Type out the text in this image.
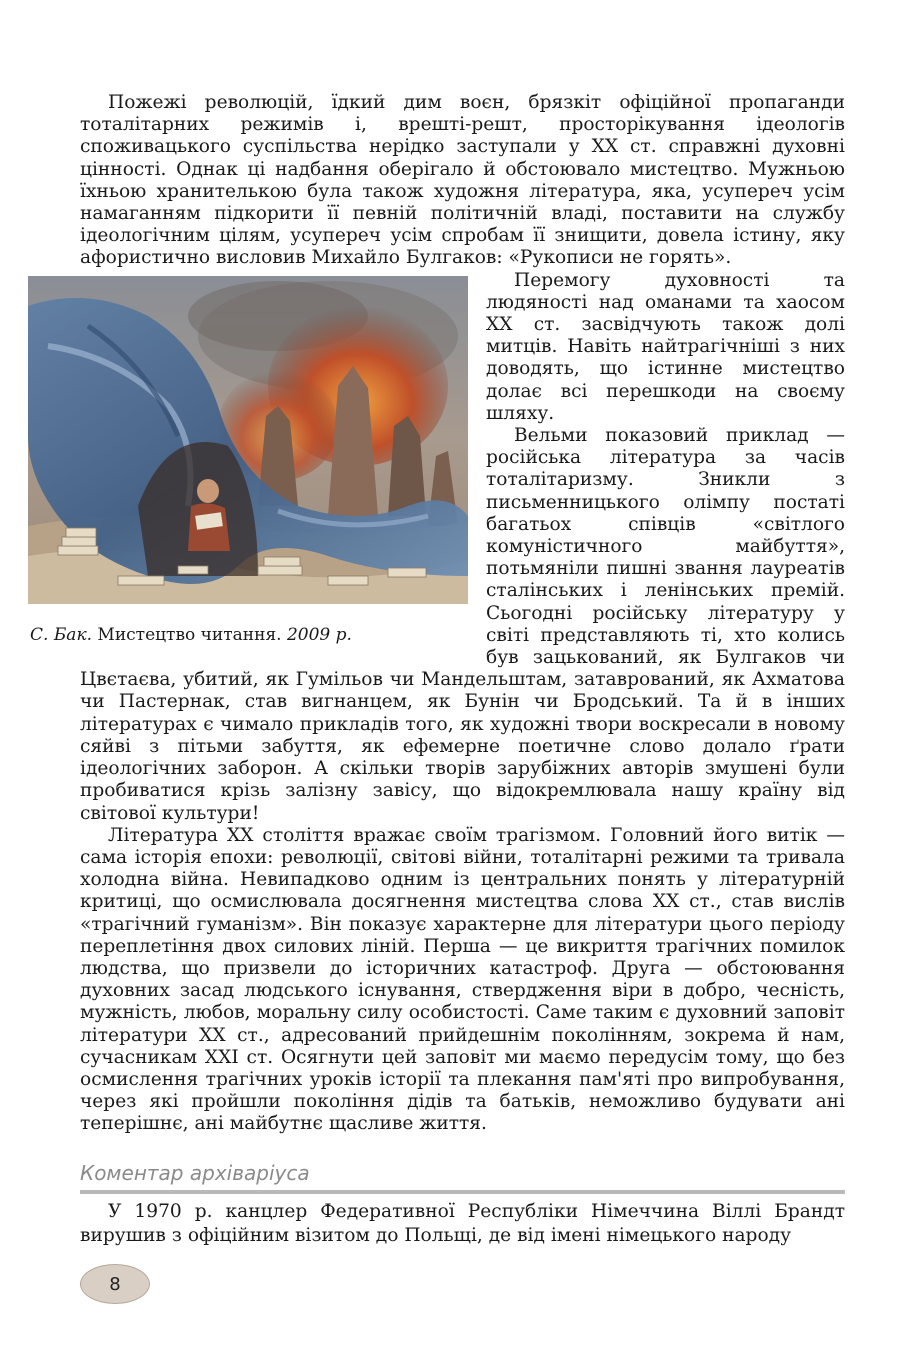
Пожежі революцій, їдкий дим воєн, брязкіт офіційної пропаганди тоталітарних режимів і, врешті-решт, просторікування ідеологів споживацького суспільства нерідко заступали у XX ст. справжні духовні цінності. Однак ці надбання оберігало й обстоювало мистецтво. Мужньою їхньою хранителькою була також художня література, яка, усупереч усім намаганням підкорити її певній політичній владі, поставити на службу ідеологічним цілям, усупереч усім спробам її знищити, довела істину, яку афористично висловив Михайло Булгаков: «Рукописи не горять».

С. Бак. Мистецтво читання. 2009 р.

Перемогу духовності та людяності над оманами та хаосом XX ст. засвідчують також долі митців. Навіть найтрагічніші з них доводять, що істинне мистецтво долає всі перешкоди на своєму шляху.

Вельми показовий приклад — російська література за часів тоталітаризму. Зникли з письменницького олімпу постаті багатьох співців «світлого комуністичного майбуття», потьмяніли пишні звання лауреатів сталінських і ленінських премій. Сьогодні російську літературу у світі представляють ті, хто колись був зацькований, як Булгаков чи Цвєтаєва, убитий, як Гумільов чи Мандельштам, затаврований, як Ахматова чи Пастернак, став вигнанцем, як Бунін чи Бродський. Та й в інших літературах є чимало прикладів того, як художні твори воскресали в новому сяйві з пітьми забуття, як ефемерне поетичне слово долало ґрати ідеологічних заборон. А скільки творів зарубіжних авторів змушені були пробиватися крізь залізну завісу, що відокремлювала нашу країну від світової культури!

Література XX століття вражає своїм трагізмом. Головний його витік — сама історія епохи: революції, світові війни, тоталітарні режими та тривала холодна війна. Невипадково одним із центральних понять у літературній критиці, що осмислювала досягнення мистецтва слова XX ст., став вислів «трагічний гуманізм». Він показує характерне для літератури цього періоду переплетіння двох силових ліній. Перша — це викриття трагічних помилок людства, що призвели до історичних катастроф. Друга — обстоювання духовних засад людського існування, ствердження віри в добро, чесність, мужність, любов, моральну силу особистості. Саме таким є духовний заповіт літератури XX ст., адресований прийдешнім поколінням, зокрема й нам, сучасникам XXI ст. Осягнути цей заповіт ми маємо передусім тому, що без осмислення трагічних уроків історії та плекання пам'яті про випробування, через які пройшли покоління дідів та батьків, неможливо будувати ані теперішнє, ані майбутнє щасливе життя.

Коментар архіваріуса

У 1970 р. канцлер Федеративної Республіки Німеччина Віллі Брандт вирушив з офіційним візитом до Польщі, де від імені німецького народу

8
